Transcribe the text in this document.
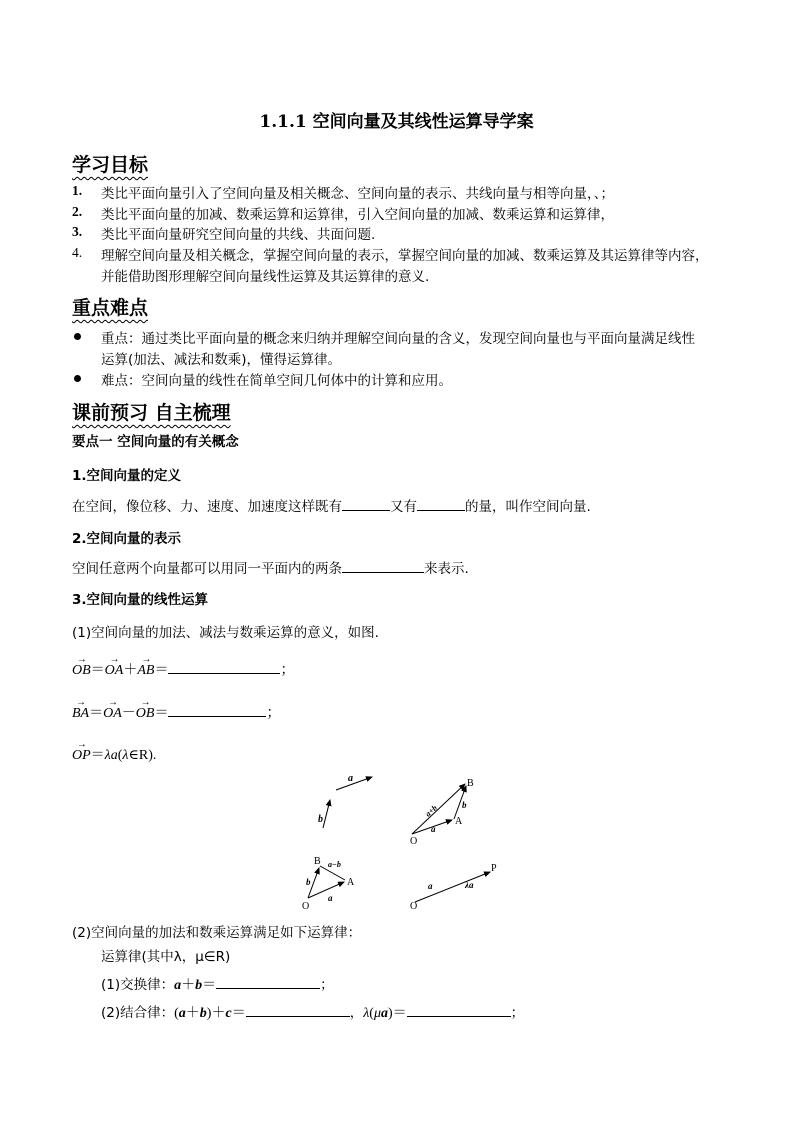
1.1.1 空间向量及其线性运算导学案
学习目标
1. 类比平面向量引入了空间向量及相关概念、空间向量的表示、共线向量与相等向量，、；
2. 类比平面向量的加减、数乘运算和运算律，引入空间向量的加减、数乘运算和运算律，
3. 类比平面向量研究空间向量的共线、共面问题.
4. 理解空间向量及相关概念，掌握空间向量的表示，掌握空间向量的加减、数乘运算及其运算律等内容，
并能借助图形理解空间向量线性运算及其运算律的意义.
重点难点
重点：通过类比平面向量的概念来归纳并理解空间向量的含义，发现空间向量也与平面向量满足线性
运算(加法、减法和数乘)，懂得运算律。
难点：空间向量的线性在简单空间几何体中的计算和应用。
课前预习 自主梳理
要点一 空间向量的有关概念
1.空间向量的定义
在空间，像位移、力、速度、加速度这样既有	又有	的量，叫作空间向量.
2.空间向量的表示
空间任意两个向量都可以用同一平面内的两条	来表示.
3.空间向量的线性运算
(1)空间向量的加法、减法与数乘运算的意义，如图.
→ OB＝→ OA＋→ AB＝	；
→ BA＝→ OA－→ OB＝	；
→ OP＝λa(λ∈R).
a
b
O
A
B
a
b
a+b
O
A
B a−b
b
a
O
P
a	λa
(2)空间向量的加法和数乘运算满足如下运算律：
运算律(其中λ，μ∈R)
(1)交换律：a＋b＝	；
(2)结合律：(a＋b)＋c＝	，λ(μa)＝	；
